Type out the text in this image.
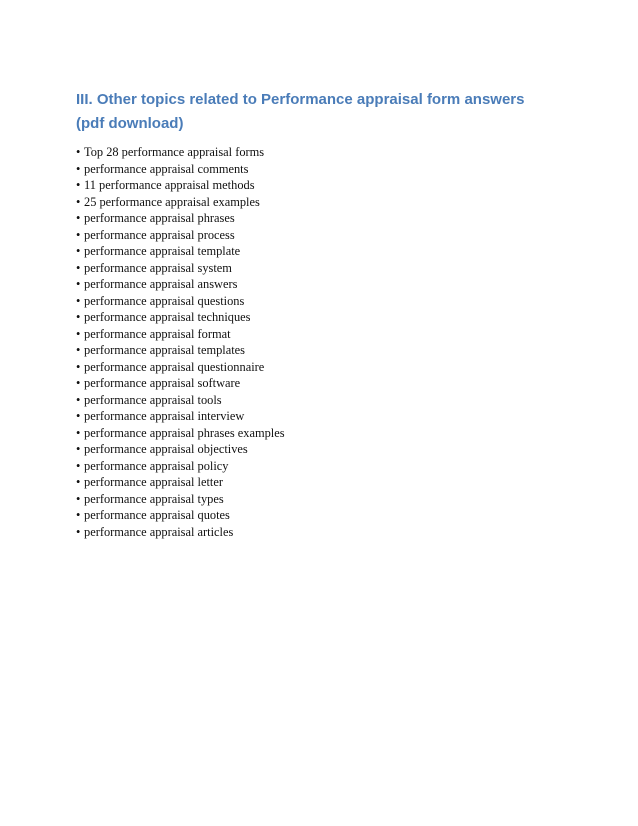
III. Other topics related to Performance appraisal form answers (pdf download)
• Top 28 performance appraisal forms
• performance appraisal comments
• 11 performance appraisal methods
• 25 performance appraisal examples
• performance appraisal phrases
• performance appraisal process
• performance appraisal template
• performance appraisal system
• performance appraisal answers
• performance appraisal questions
• performance appraisal techniques
• performance appraisal format
• performance appraisal templates
• performance appraisal questionnaire
• performance appraisal software
• performance appraisal tools
• performance appraisal interview
• performance appraisal phrases examples
• performance appraisal objectives
• performance appraisal policy
• performance appraisal letter
• performance appraisal types
• performance appraisal quotes
• performance appraisal articles
